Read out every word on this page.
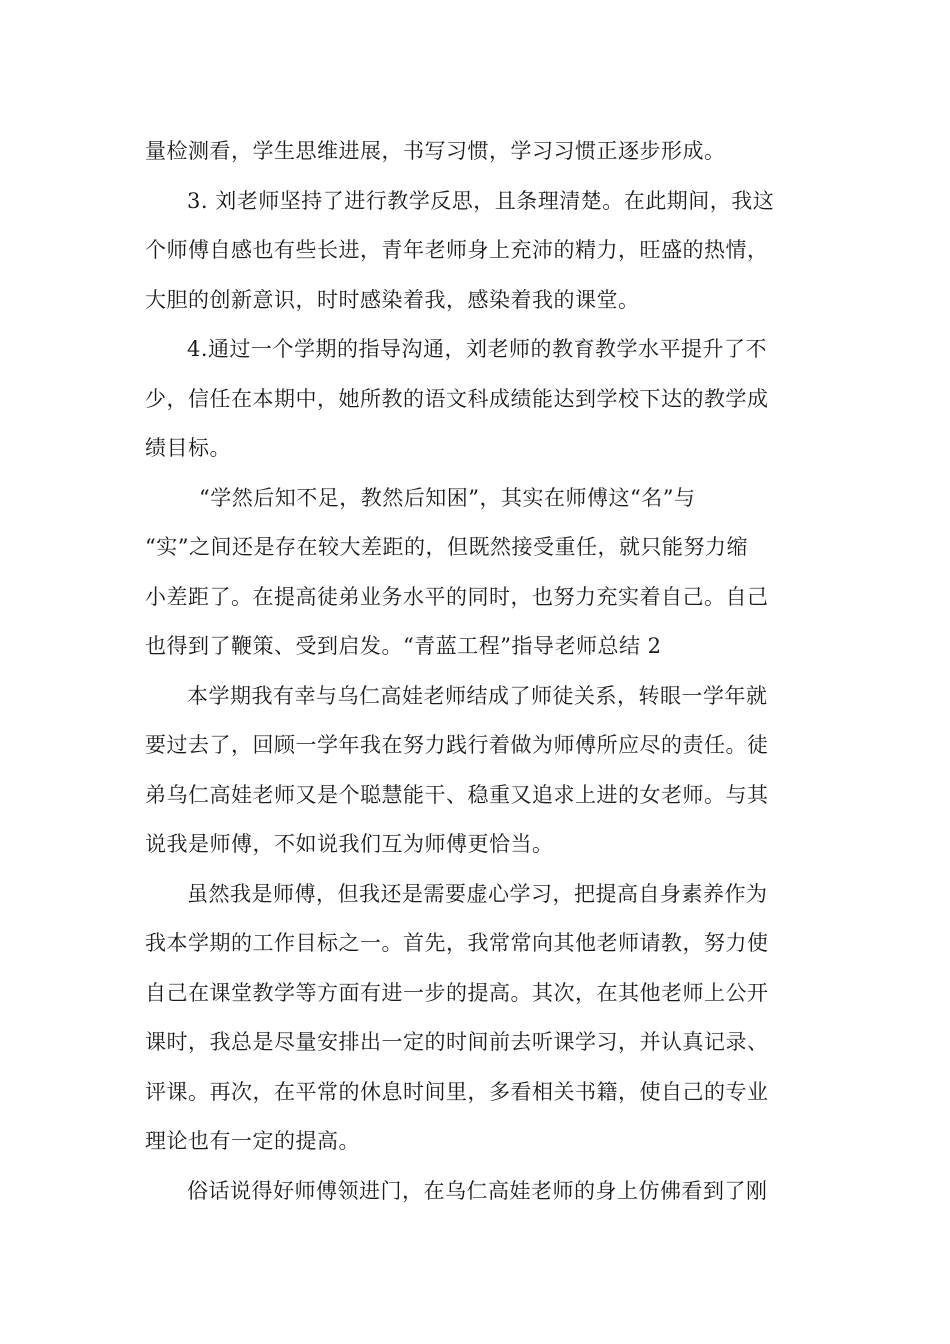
量检测看，学生思维进展，书写习惯，学习习惯正逐步形成。
3. 刘老师坚持了进行教学反思，且条理清楚。在此期间，我这
个师傅自感也有些长进，青年老师身上充沛的精力，旺盛的热情，
大胆的创新意识，时时感染着我，感染着我的课堂。
4.通过一个学期的指导沟通，刘老师的教育教学水平提升了不
少，信任在本期中，她所教的语文科成绩能达到学校下达的教学成
绩目标。
“学然后知不足，教然后知困”，其实在师傅这“名”与
“实”之间还是存在较大差距的，但既然接受重任，就只能努力缩
小差距了。在提高徒弟业务水平的同时，也努力充实着自己。自己
也得到了鞭策、受到启发。“青蓝工程”指导老师总结 2
本学期我有幸与乌仁高娃老师结成了师徒关系，转眼一学年就
要过去了，回顾一学年我在努力践行着做为师傅所应尽的责任。徒
弟乌仁高娃老师又是个聪慧能干、稳重又追求上进的女老师。与其
说我是师傅，不如说我们互为师傅更恰当。
虽然我是师傅，但我还是需要虚心学习，把提高自身素养作为
我本学期的工作目标之一。首先，我常常向其他老师请教，努力使
自己在课堂教学等方面有进一步的提高。其次，在其他老师上公开
课时，我总是尽量安排出一定的时间前去听课学习，并认真记录、
评课。再次，在平常的休息时间里，多看相关书籍，使自己的专业
理论也有一定的提高。
俗话说得好师傅领进门，在乌仁高娃老师的身上仿佛看到了刚
